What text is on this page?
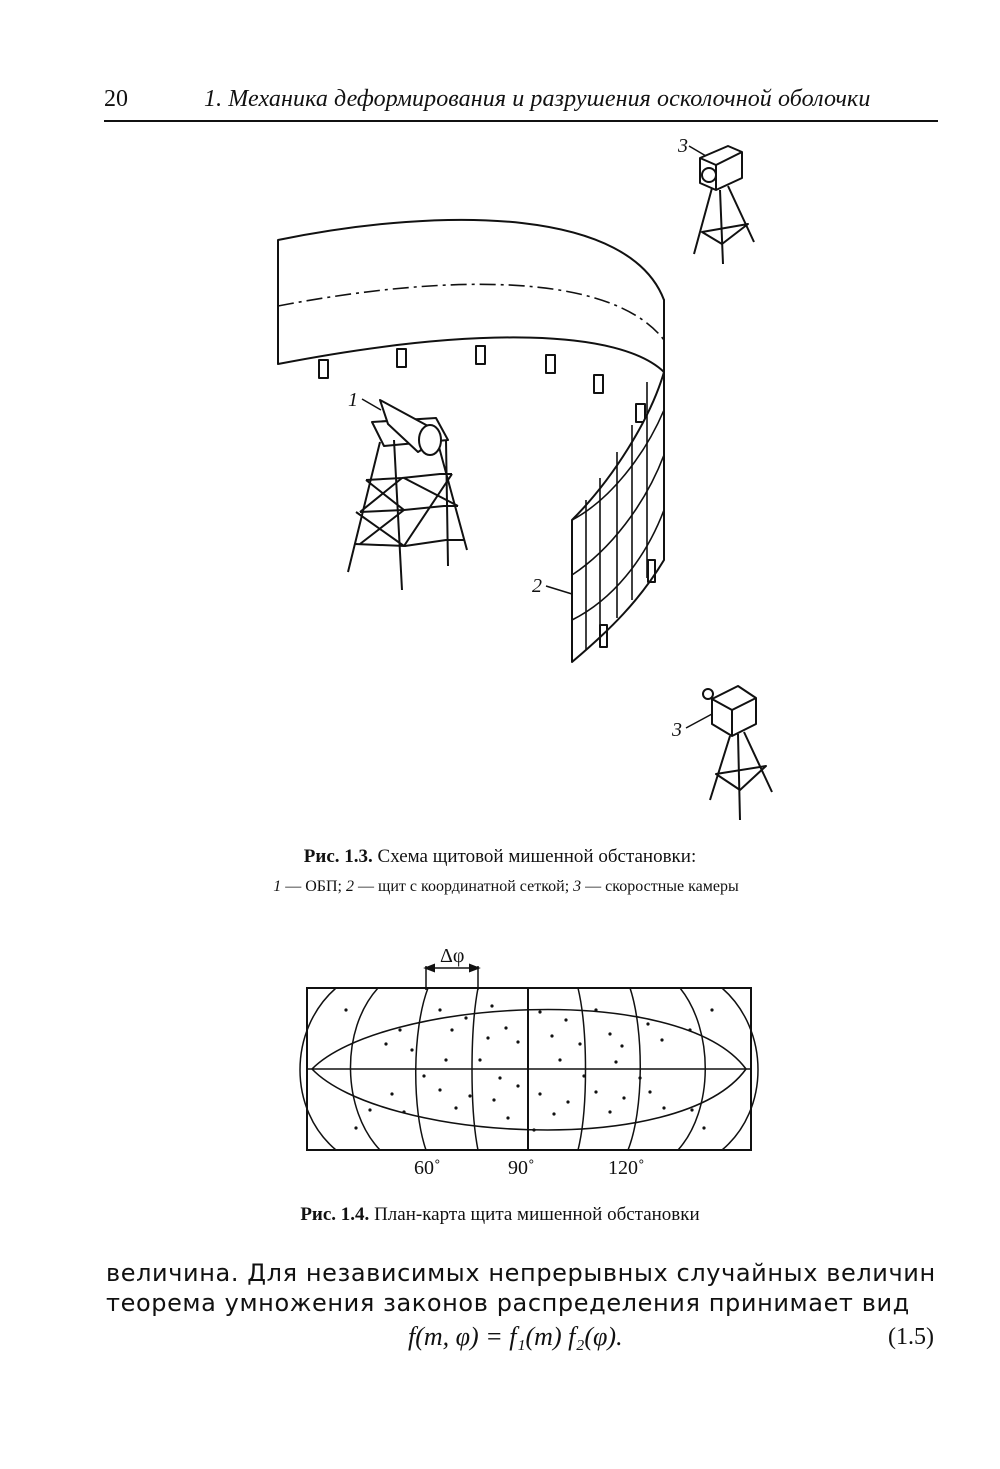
20	1. Механика деформирования и разрушения осколочной оболочки
1
2
3
3
Рис. 1.3. Схема щитовой мишенной обстановки:
1 — ОБП; 2 — щит с координатной сеткой; 3 — скоростные камеры
Δφ
60˚	90˚	120˚
Рис. 1.4. План-карта щита мишенной обстановки
величина. Для независимых непрерывных случайных величин теорема умножения законов распределения принимает вид
f(m, φ) = f₁(m) f₂(φ).	(1.5)
